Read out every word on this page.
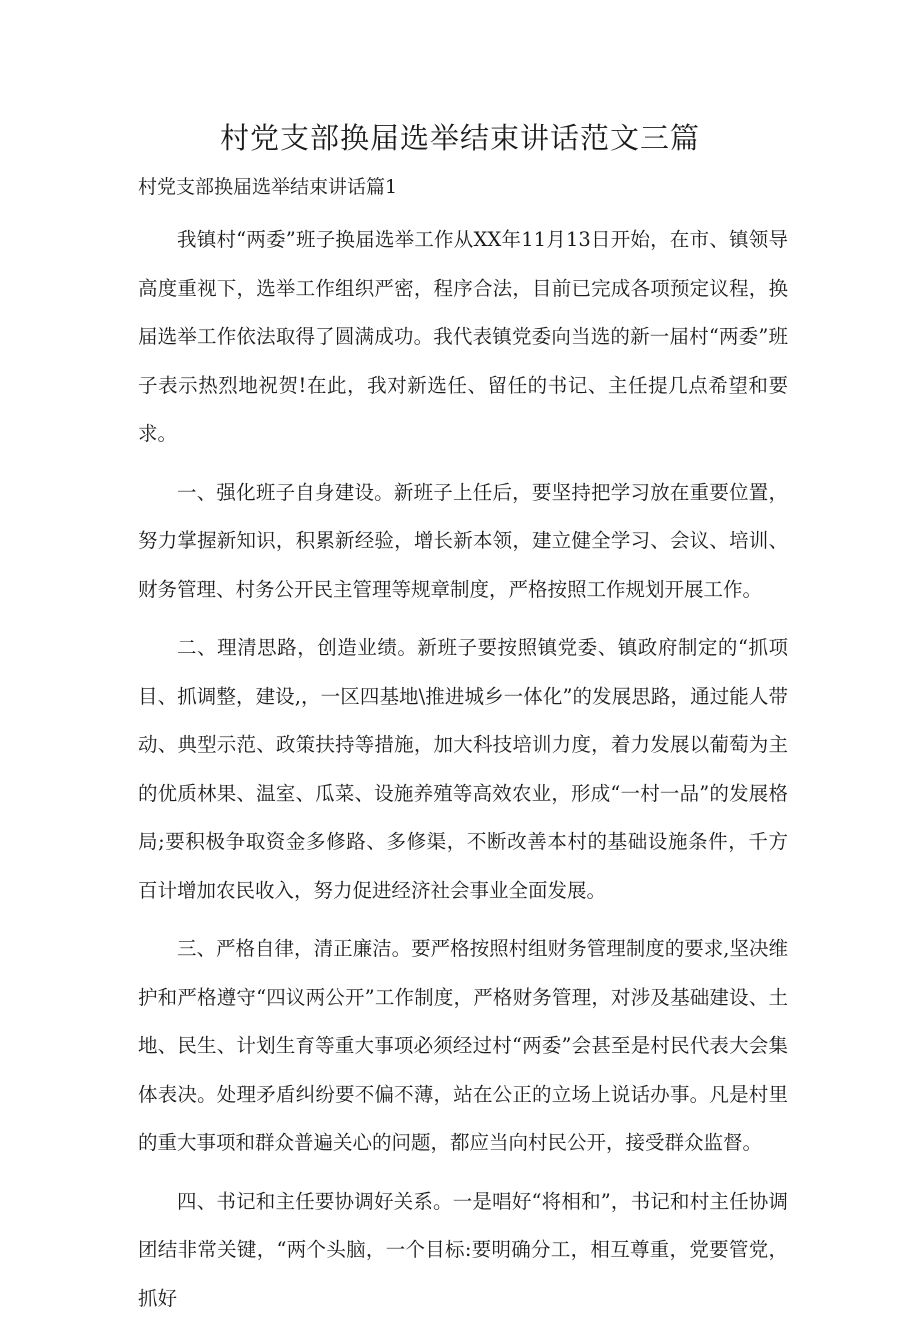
村党支部换届选举结束讲话范文三篇

村党支部换届选举结束讲话篇1

我镇村“两委”班子换届选举工作从XX年11月13日开始，在市、镇领导高度重视下，选举工作组织严密，程序合法，目前已完成各项预定议程，换届选举工作依法取得了圆满成功。我代表镇党委向当选的新一届村“两委”班子表示热烈地祝贺!在此，我对新选任、留任的书记、主任提几点希望和要求。

一、强化班子自身建设。新班子上任后，要坚持把学习放在重要位置，努力掌握新知识，积累新经验，增长新本领，建立健全学习、会议、培训、财务管理、村务公开民主管理等规章制度，严格按照工作规划开展工作。

二、理清思路，创造业绩。新班子要按照镇党委、镇政府制定的“抓项目、抓调整，建设,，一区四基地\推进城乡一体化”的发展思路，通过能人带动、典型示范、政策扶持等措施，加大科技培训力度，着力发展以葡萄为主的优质林果、温室、瓜菜、设施养殖等高效农业，形成“一村一品”的发展格局;要积极争取资金多修路、多修渠，不断改善本村的基础设施条件，千方百计增加农民收入，努力促进经济社会事业全面发展。

三、严格自律，清正廉洁。要严格按照村组财务管理制度的要求,坚决维护和严格遵守“四议两公开”工作制度，严格财务管理，对涉及基础建设、土地、民生、计划生育等重大事项必须经过村“两委”会甚至是村民代表大会集体表决。处理矛盾纠纷要不偏不薄，站在公正的立场上说话办事。凡是村里的重大事项和群众普遍关心的问题，都应当向村民公开，接受群众监督。

四、书记和主任要协调好关系。一是唱好“将相和”，书记和村主任协调团结非常关键，“两个头脑，一个目标:要明确分工，相互尊重，党要管党，抓好
